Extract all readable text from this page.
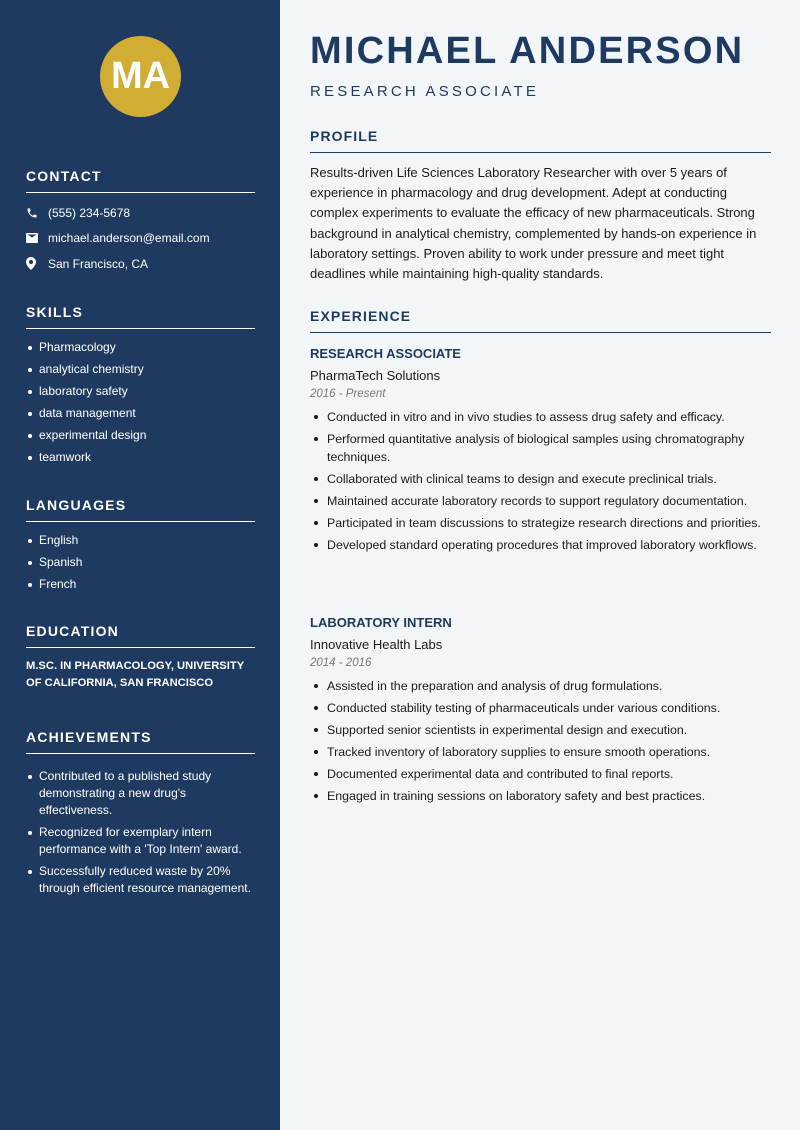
MA
CONTACT
(555) 234-5678
michael.anderson@email.com
San Francisco, CA
SKILLS
Pharmacology
analytical chemistry
laboratory safety
data management
experimental design
teamwork
LANGUAGES
English
Spanish
French
EDUCATION
M.SC. IN PHARMACOLOGY, UNIVERSITY OF CALIFORNIA, SAN FRANCISCO
ACHIEVEMENTS
Contributed to a published study demonstrating a new drug's effectiveness.
Recognized for exemplary intern performance with a 'Top Intern' award.
Successfully reduced waste by 20% through efficient resource management.
MICHAEL ANDERSON
RESEARCH ASSOCIATE
PROFILE

Results-driven Life Sciences Laboratory Researcher with over 5 years of experience in pharmacology and drug development. Adept at conducting complex experiments to evaluate the efficacy of new pharmaceuticals. Strong background in analytical chemistry, complemented by hands-on experience in laboratory settings. Proven ability to work under pressure and meet tight deadlines while maintaining high-quality standards.

EXPERIENCE
RESEARCH ASSOCIATE
PharmaTech Solutions
2016 - Present
Conducted in vitro and in vivo studies to assess drug safety and efficacy.
Performed quantitative analysis of biological samples using chromatography techniques.
Collaborated with clinical teams to design and execute preclinical trials.
Maintained accurate laboratory records to support regulatory documentation.
Participated in team discussions to strategize research directions and priorities.
Developed standard operating procedures that improved laboratory workflows.
LABORATORY INTERN
Innovative Health Labs
2014 - 2016
Assisted in the preparation and analysis of drug formulations.
Conducted stability testing of pharmaceuticals under various conditions.
Supported senior scientists in experimental design and execution.
Tracked inventory of laboratory supplies to ensure smooth operations.
Documented experimental data and contributed to final reports.
Engaged in training sessions on laboratory safety and best practices.
